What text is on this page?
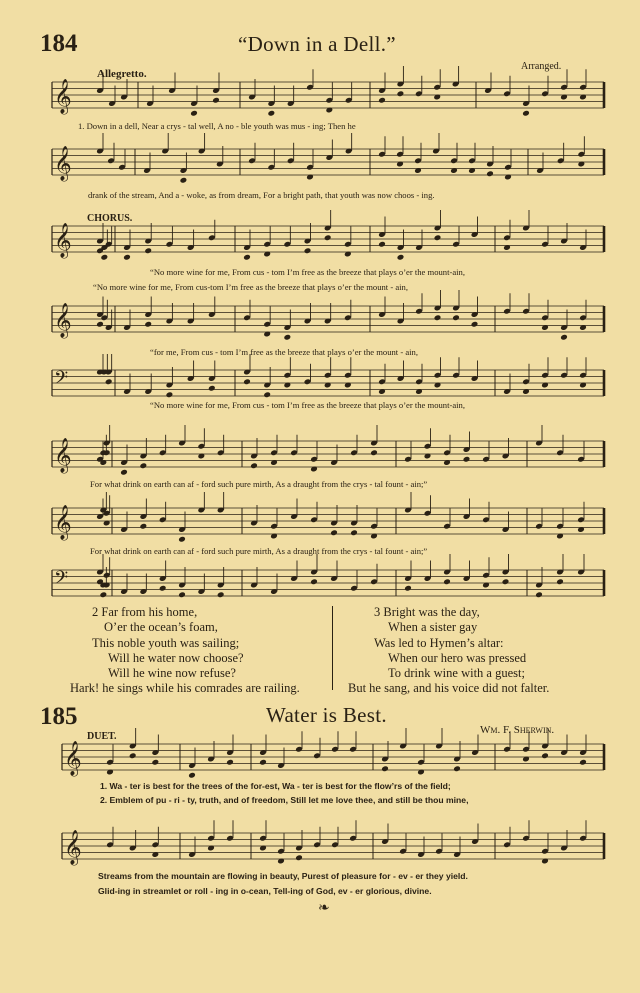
184	“Down in a Dell.”
Arranged.
Allegretto.
CHORUS.
𝄞
𝄞
𝄞
𝄞
𝄢
𝄞
𝄞
𝄢
𝄞
𝄞
1. Down in a dell, Near a crys - tal well, A no - ble youth was mus - ing; Then he
drank of the stream, And a - woke, as from dream, For a bright path, that youth was now choos - ing.
“No more wine for me, From cus - tom I’m free as the breeze that plays o’er the mount-ain,
“No more wine for me, From cus-tom I’m free as the breeze that plays o’er the mount - ain,
“for me, From cus - tom I’m free as the breeze that plays o’er the mount - ain,
“No more wine for me, From cus - tom I’m free as the breeze that plays o’er the mount-ain,
For what drink on earth can af - ford such pure mirth, As a draught from the crys - tal fount - ain;”
For what drink on earth can af - ford such pure mirth, As a draught from the crys - tal fount - ain;”
2 Far from his home,
O’er the ocean’s foam,
This noble youth was sailing;
Will he water now choose?
Will he wine now refuse?
Hark! he sings while his comrades are railing.
3 Bright was the day,
When a sister gay
Was led to Hymen’s altar:
When our hero was pressed
To drink wine with a guest;
But he sang, and his voice did not falter.
185	Water is Best.
Wm. F. Sherwin.
DUET.
1. Wa - ter is best for the trees of the for-est, Wa - ter is best for the flow’rs of the field;
2. Emblem of pu - ri - ty, truth, and of freedom, Still let me love thee, and still be thou mine,
Streams from the mountain are flowing in beauty, Purest of pleasure for - ev - er they yield.
Glid-ing in streamlet or roll - ing in o-cean, Tell-ing of God, ev - er glorious, divine.
❧
